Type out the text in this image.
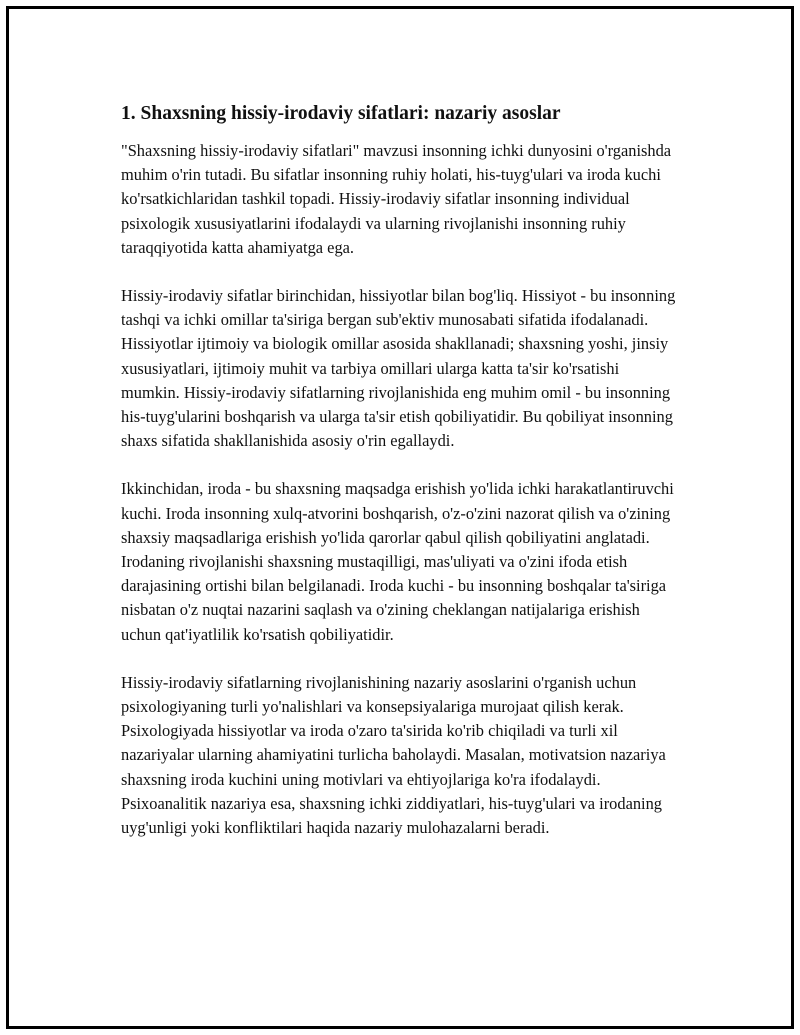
1. Shaxsning hissiy-irodaviy sifatlari: nazariy asoslar

"Shaxsning hissiy-irodaviy sifatlari" mavzusi insonning ichki dunyosini o'rganishda muhim o'rin tutadi. Bu sifatlar insonning ruhiy holati, his-tuyg'ulari va iroda kuchi ko'rsatkichlaridan tashkil topadi. Hissiy-irodaviy sifatlar insonning individual psixologik xususiyatlarini ifodalaydi va ularning rivojlanishi insonning ruhiy taraqqiyotida katta ahamiyatga ega.

Hissiy-irodaviy sifatlar birinchidan, hissiyotlar bilan bog'liq. Hissiyot - bu insonning tashqi va ichki omillar ta'siriga bergan sub'ektiv munosabati sifatida ifodalanadi. Hissiyotlar ijtimoiy va biologik omillar asosida shakllanadi; shaxsning yoshi, jinsiy xususiyatlari, ijtimoiy muhit va tarbiya omillari ularga katta ta'sir ko'rsatishi mumkin. Hissiy-irodaviy sifatlarning rivojlanishida eng muhim omil - bu insonning his-tuyg'ularini boshqarish va ularga ta'sir etish qobiliyatidir. Bu qobiliyat insonning shaxs sifatida shakllanishida asosiy o'rin egallaydi.

Ikkinchidan, iroda - bu shaxsning maqsadga erishish yo'lida ichki harakatlantiruvchi kuchi. Iroda insonning xulq-atvorini boshqarish, o'z-o'zini nazorat qilish va o'zining shaxsiy maqsadlariga erishish yo'lida qarorlar qabul qilish qobiliyatini anglatadi. Irodaning rivojlanishi shaxsning mustaqilligi, mas'uliyati va o'zini ifoda etish darajasining ortishi bilan belgilanadi. Iroda kuchi - bu insonning boshqalar ta'siriga nisbatan o'z nuqtai nazarini saqlash va o'zining cheklangan natijalariga erishish uchun qat'iyatlilik ko'rsatish qobiliyatidir.

Hissiy-irodaviy sifatlarning rivojlanishining nazariy asoslarini o'rganish uchun psixologiyaning turli yo'nalishlari va konsepsiyalariga murojaat qilish kerak. Psixologiyada hissiyotlar va iroda o'zaro ta'sirida ko'rib chiqiladi va turli xil nazariyalar ularning ahamiyatini turlicha baholaydi. Masalan, motivatsion nazariya shaxsning iroda kuchini uning motivlari va ehtiyojlariga ko'ra ifodalaydi. Psixoanalitik nazariya esa, shaxsning ichki ziddiyatlari, his-tuyg'ulari va irodaning uyg'unligi yoki konfliktilari haqida nazariy mulohazalarni beradi.
